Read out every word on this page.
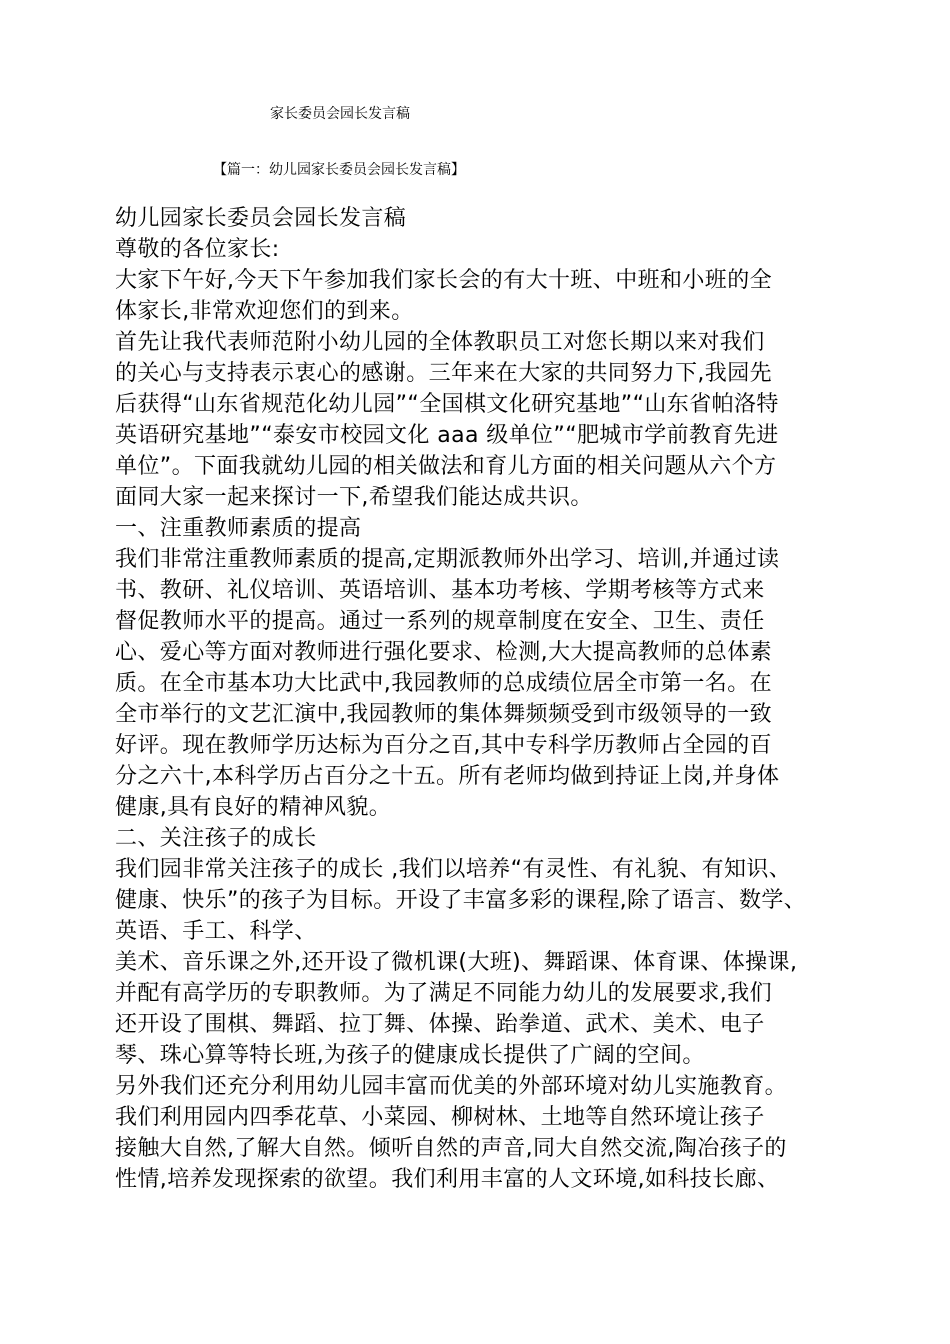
家长委员会园长发言稿
【篇一：幼儿园家长委员会园长发言稿】
幼儿园家长委员会园长发言稿
尊敬的各位家长:
大家下午好,今天下午参加我们家长会的有大十班、中班和小班的全
体家长,非常欢迎您们的到来。
首先让我代表师范附小幼儿园的全体教职员工对您长期以来对我们
的关心与支持表示衷心的感谢。三年来在大家的共同努力下,我园先
后获得“山东省规范化幼儿园”“全国棋文化研究基地”“山东省帕洛特
英语研究基地”“泰安市校园文化 aaa 级单位”“肥城市学前教育先进
单位”。下面我就幼儿园的相关做法和育儿方面的相关问题从六个方
面同大家一起来探讨一下,希望我们能达成共识。
一、注重教师素质的提高
我们非常注重教师素质的提高,定期派教师外出学习、培训,并通过读
书、教研、礼仪培训、英语培训、基本功考核、学期考核等方式来
督促教师水平的提高。通过一系列的规章制度在安全、卫生、责任
心、爱心等方面对教师进行强化要求、检测,大大提高教师的总体素
质。在全市基本功大比武中,我园教师的总成绩位居全市第一名。在
全市举行的文艺汇演中,我园教师的集体舞频频受到市级领导的一致
好评。现在教师学历达标为百分之百,其中专科学历教师占全园的百
分之六十,本科学历占百分之十五。所有老师均做到持证上岗,并身体
健康,具有良好的精神风貌。
二、关注孩子的成长
我们园非常关注孩子的成长 ,我们以培养“有灵性、有礼貌、有知识、
健康、快乐”的孩子为目标。开设了丰富多彩的课程,除了语言、数学、
英语、手工、科学、
美术、音乐课之外,还开设了微机课(大班)、舞蹈课、体育课、体操课,
并配有高学历的专职教师。为了满足不同能力幼儿的发展要求,我们
还开设了围棋、舞蹈、拉丁舞、体操、跆拳道、武术、美术、电子
琴、珠心算等特长班,为孩子的健康成长提供了广阔的空间。
另外我们还充分利用幼儿园丰富而优美的外部环境对幼儿实施教育。
我们利用园内四季花草、小菜园、柳树林、土地等自然环境让孩子
接触大自然,了解大自然。倾听自然的声音,同大自然交流,陶冶孩子的
性情,培养发现探索的欲望。我们利用丰富的人文环境,如科技长廊、
